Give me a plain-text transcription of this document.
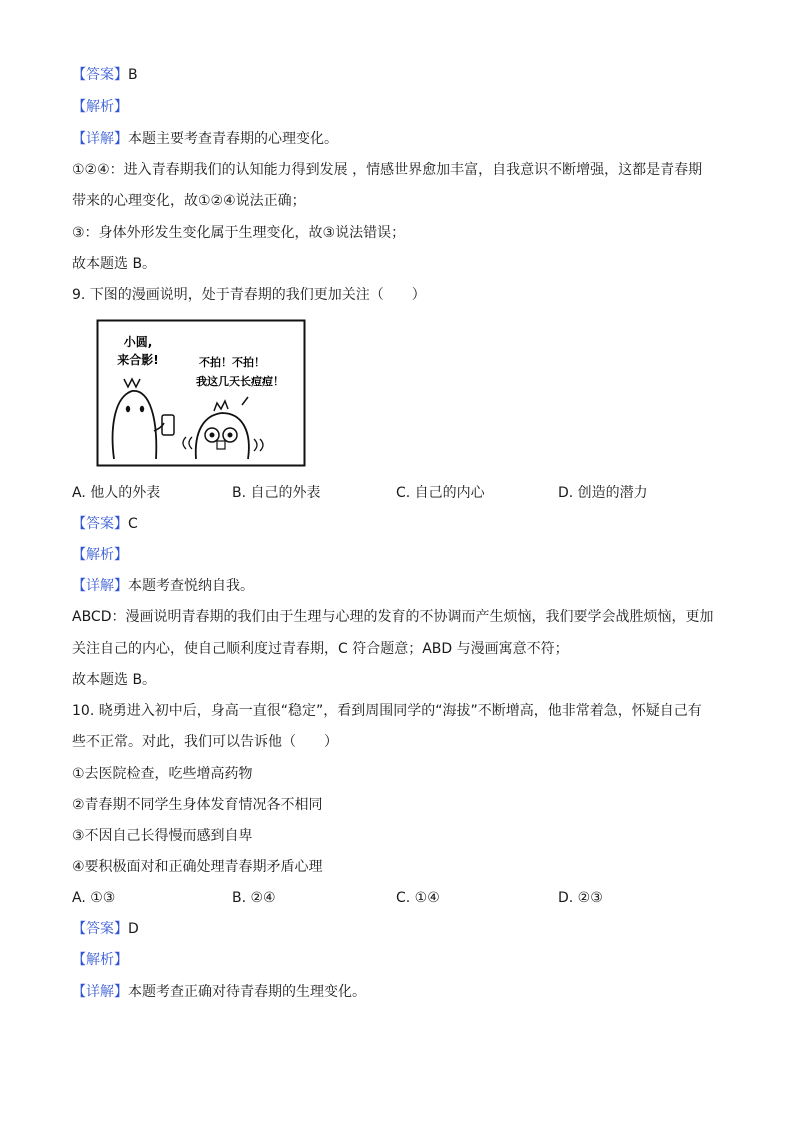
【答案】B
【解析】
【详解】本题主要考查青春期的心理变化。
①②④：进入青春期我们的认知能力得到发展 ，情感世界愈加丰富，自我意识不断增强，这都是青春期
带来的心理变化，故①②④说法正确；
③：身体外形发生变化属于生理变化，故③说法错误；
故本题选 B。
9. 下图的漫画说明，处于青春期的我们更加关注（　　）
小圆,
来合影!	不拍！不拍！
我这几天长痘痘！
A. 他人的外表	B. 自己的外表	C. 自己的内心	D. 创造的潜力
【答案】C
【解析】
【详解】本题考查悦纳自我。
ABCD：漫画说明青春期的我们由于生理与心理的发育的不协调而产生烦恼，我们要学会战胜烦恼，更加
关注自己的内心，使自己顺利度过青春期，C 符合题意；ABD 与漫画寓意不符；
故本题选 B。
10. 晓勇进入初中后，身高一直很“稳定”，看到周围同学的“海拔”不断增高，他非常着急，怀疑自己有
些不正常。对此，我们可以告诉他（　　）
①去医院检查，吃些增高药物
②青春期不同学生身体发育情况各不相同
③不因自己长得慢而感到自卑
④要积极面对和正确处理青春期矛盾心理
A. ①③	B. ②④	C. ①④	D. ②③
【答案】D
【解析】
【详解】本题考查正确对待青春期的生理变化。
